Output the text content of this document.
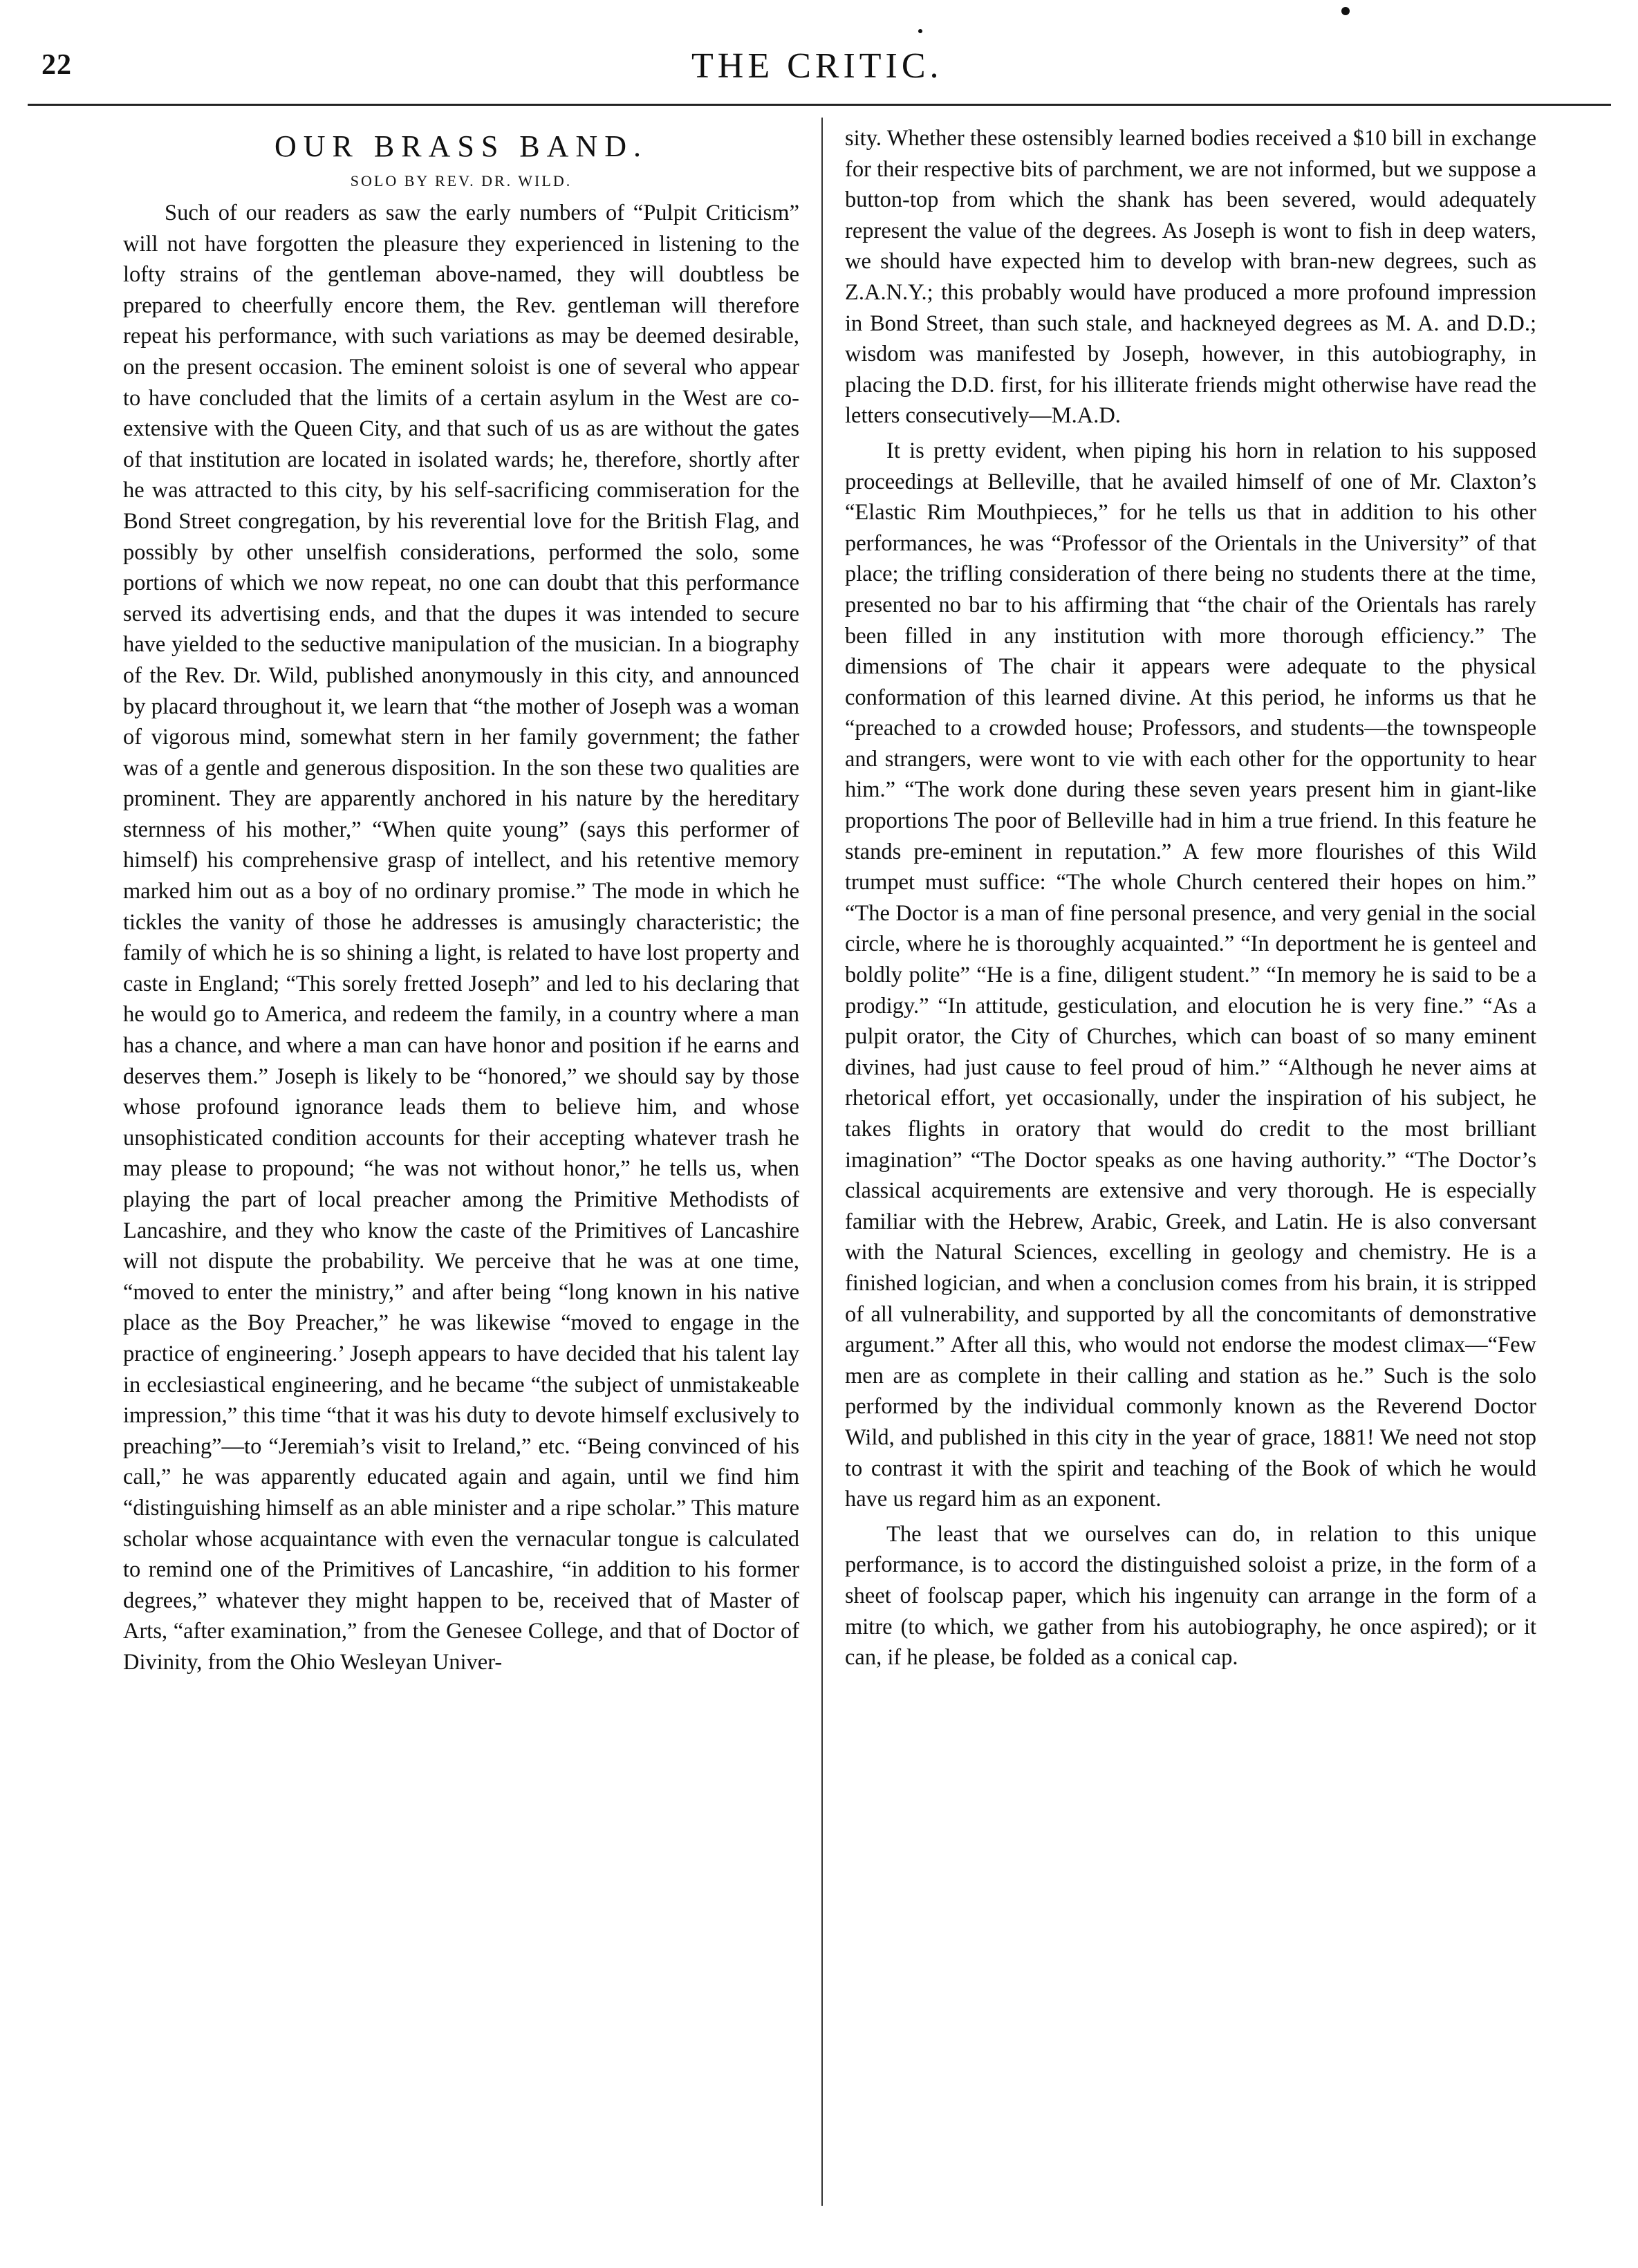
22	THE CRITIC.

OUR BRASS BAND.

SOLO BY REV. DR. WILD.

Such of our readers as saw the early numbers of “Pulpit Criticism” will not have forgotten the pleasure they experienced in listening to the lofty strains of the gentleman above-named, they will doubtless be prepared to cheerfully encore them, the Rev. gentleman will therefore repeat his performance, with such variations as may be deemed desirable, on the present occasion. The eminent soloist is one of several who appear to have concluded that the limits of a certain asylum in the West are co-extensive with the Queen City, and that such of us as are without the gates of that institution are located in isolated wards; he, therefore, shortly after he was attracted to this city, by his self-sacrificing commiseration for the Bond Street congregation, by his reverential love for the British Flag, and possibly by other unselfish considerations, performed the solo, some portions of which we now repeat, no one can doubt that this performance served its advertising ends, and that the dupes it was intended to secure have yielded to the seductive manipulation of the musician. In a biography of the Rev. Dr. Wild, published anonymously in this city, and announced by placard throughout it, we learn that “the mother of Joseph was a woman of vigorous mind, somewhat stern in her family government; the father was of a gentle and generous disposition. In the son these two qualities are prominent. They are apparently anchored in his nature by the hereditary sternness of his mother,” “When quite young” (says this performer of himself) his comprehensive grasp of intellect, and his retentive memory marked him out as a boy of no ordinary promise.” The mode in which he tickles the vanity of those he addresses is amusingly characteristic; the family of which he is so shining a light, is related to have lost property and caste in England; “This sorely fretted Joseph” and led to his declaring that he would go to America, and redeem the family, in a country where a man has a chance, and where a man can have honor and position if he earns and deserves them.” Joseph is likely to be “honored,” we should say by those whose profound ignorance leads them to believe him, and whose unsophisticated condition accounts for their accepting whatever trash he may please to propound; “he was not without honor,” he tells us, when playing the part of local preacher among the Primitive Methodists of Lancashire, and they who know the caste of the Primitives of Lancashire will not dispute the probability. We perceive that he was at one time, “moved to enter the ministry,” and after being “long known in his native place as the Boy Preacher,” he was likewise “moved to engage in the practice of engineering.’ Joseph appears to have decided that his talent lay in ecclesiastical engineering, and he became “the subject of unmistakeable impression,” this time “that it was his duty to devote himself exclusively to preaching”—to “Jeremiah’s visit to Ireland,” etc. “Being convinced of his call,” he was apparently educated again and again, until we find him “distinguishing himself as an able minister and a ripe scholar.” This mature scholar whose acquaintance with even the vernacular tongue is calculated to remind one of the Primitives of Lancashire, “in addition to his former degrees,” whatever they might happen to be, received that of Master of Arts, “after examination,” from the Genesee College, and that of Doctor of Divinity, from the Ohio Wesleyan Univer-

sity. Whether these ostensibly learned bodies received a $10 bill in exchange for their respective bits of parchment, we are not informed, but we suppose a button-top from which the shank has been severed, would adequately represent the value of the degrees. As Joseph is wont to fish in deep waters, we should have expected him to develop with bran-new degrees, such as Z.A.N.Y.; this probably would have produced a more profound impression in Bond Street, than such stale, and hackneyed degrees as M. A. and D.D.; wisdom was manifested by Joseph, however, in this autobiography, in placing the D.D. first, for his illiterate friends might otherwise have read the letters consecutively—M.A.D.

It is pretty evident, when piping his horn in relation to his supposed proceedings at Belleville, that he availed himself of one of Mr. Claxton’s “Elastic Rim Mouthpieces,” for he tells us that in addition to his other performances, he was “Professor of the Orientals in the University” of that place; the trifling consideration of there being no students there at the time, presented no bar to his affirming that “the chair of the Orientals has rarely been filled in any institution with more thorough efficiency.” The dimensions of The chair it appears were adequate to the physical conformation of this learned divine. At this period, he informs us that he “preached to a crowded house; Professors, and students—the townspeople and strangers, were wont to vie with each other for the opportunity to hear him.” “The work done during these seven years present him in giant-like proportions The poor of Belleville had in him a true friend. In this feature he stands pre-eminent in reputation.” A few more flourishes of this Wild trumpet must suffice: “The whole Church centered their hopes on him.” “The Doctor is a man of fine personal presence, and very genial in the social circle, where he is thoroughly acquainted.” “In deportment he is genteel and boldly polite” “He is a fine, diligent student.” “In memory he is said to be a prodigy.” “In attitude, gesticulation, and elocution he is very fine.” “As a pulpit orator, the City of Churches, which can boast of so many eminent divines, had just cause to feel proud of him.” “Although he never aims at rhetorical effort, yet occasionally, under the inspiration of his subject, he takes flights in oratory that would do credit to the most brilliant imagination” “The Doctor speaks as one having authority.” “The Doctor’s classical acquirements are extensive and very thorough. He is especially familiar with the Hebrew, Arabic, Greek, and Latin. He is also conversant with the Natural Sciences, excelling in geology and chemistry. He is a finished logician, and when a conclusion comes from his brain, it is stripped of all vulnerability, and supported by all the concomitants of demonstrative argument.” After all this, who would not endorse the modest climax—“Few men are as complete in their calling and station as he.” Such is the solo performed by the individual commonly known as the Reverend Doctor Wild, and published in this city in the year of grace, 1881! We need not stop to contrast it with the spirit and teaching of the Book of which he would have us regard him as an exponent.

The least that we ourselves can do, in relation to this unique performance, is to accord the distinguished soloist a prize, in the form of a sheet of foolscap paper, which his ingenuity can arrange in the form of a mitre (to which, we gather from his autobiography, he once aspired); or it can, if he please, be folded as a conical cap.
